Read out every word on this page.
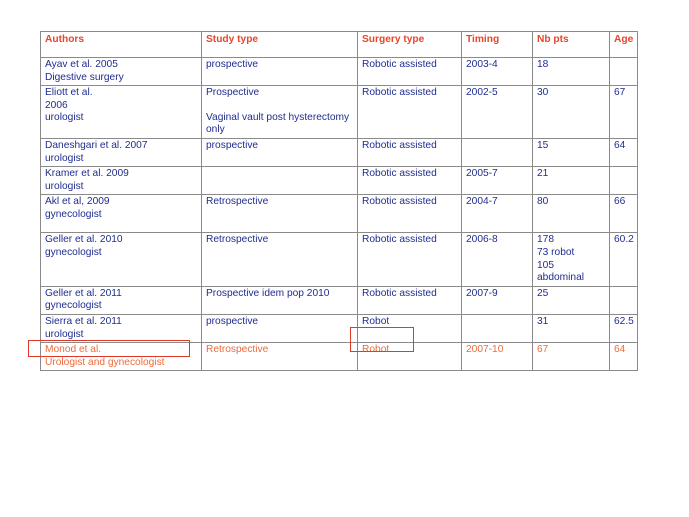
Authors	Study type	Surgery type	Timing	Nb pts	Age

Ayav et al. 2005
Digestive surgery	prospective	Robotic assisted	2003-4	18	

Eliott et al.
2006
urologist	Prospective
Vaginal vault post hysterectomy only	Robotic assisted	2002-5	30	67

Daneshgari et al. 2007
urologist	prospective	Robotic assisted		15	64

Kramer et al. 2009
urologist		Robotic assisted	2005-7	21	

Akl et al, 2009
gynecologist	Retrospective	Robotic assisted	2004-7	80	66

Geller et al. 2010
gynecologist	Retrospective	Robotic assisted	2006-8	178
73 robot
105
abdominal	60.2

Geller et al. 2011
gynecologist	Prospective idem pop 2010	Robotic assisted	2007-9	25	

Sierra et al. 2011
urologist	prospective	Robot		31	62.5

Monod et al.
Urologist and gynecologist	Retrospective	Robot	2007-10	67	64
